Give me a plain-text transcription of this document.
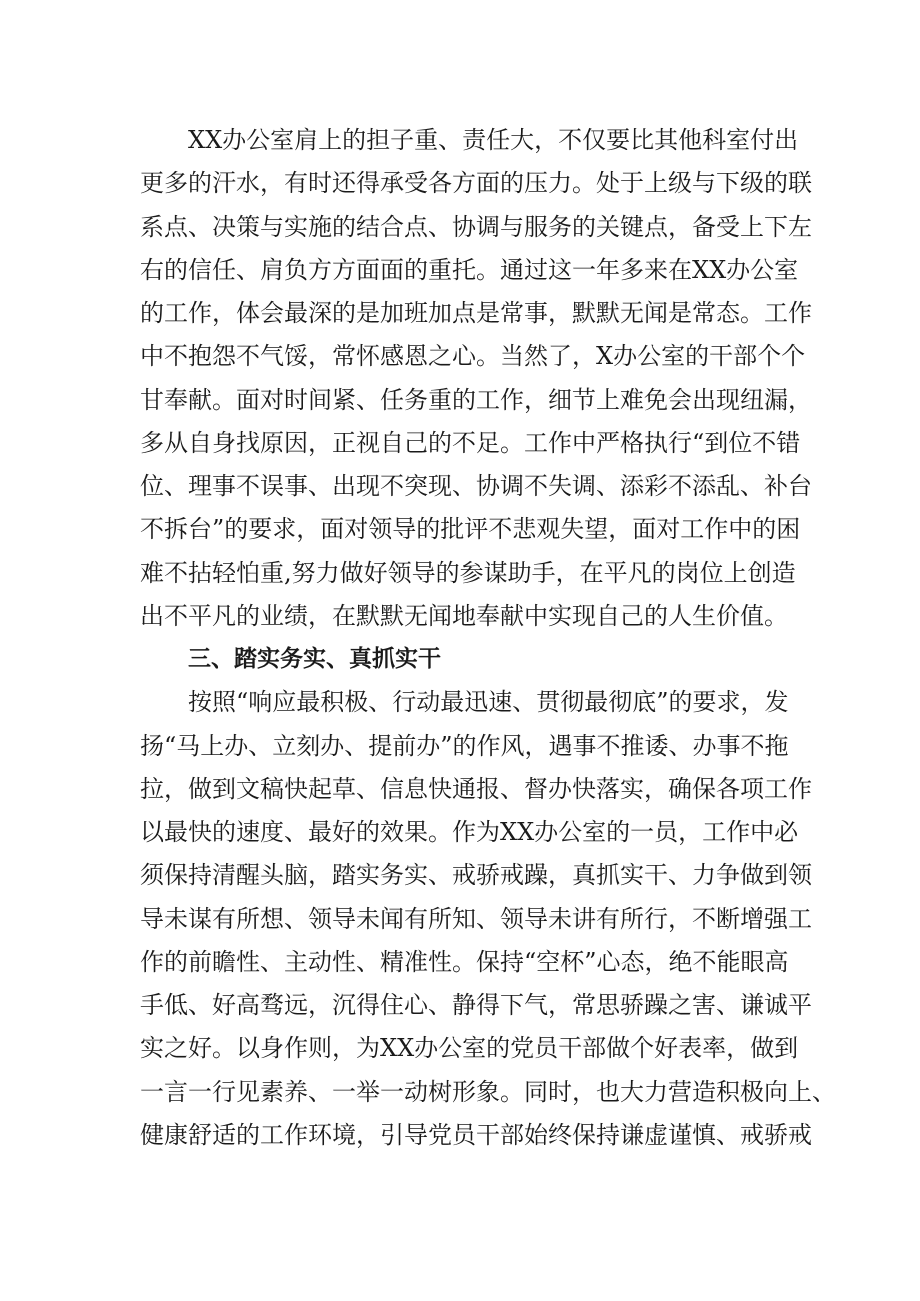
XX办公室肩上的担子重、责任大，不仅要比其他科室付出
更多的汗水，有时还得承受各方面的压力。处于上级与下级的联
系点、决策与实施的结合点、协调与服务的关键点，备受上下左
右的信任、肩负方方面面的重托。通过这一年多来在XX办公室
的工作，体会最深的是加班加点是常事，默默无闻是常态。工作
中不抱怨不气馁，常怀感恩之心。当然了，X办公室的干部个个
甘奉献。面对时间紧、任务重的工作，细节上难免会出现纽漏，
多从自身找原因，正视自己的不足。工作中严格执行“到位不错
位、理事不误事、出现不突现、协调不失调、添彩不添乱、补台
不拆台”的要求，面对领导的批评不悲观失望，面对工作中的困
难不拈轻怕重,努力做好领导的参谋助手，在平凡的岗位上创造
出不平凡的业绩，在默默无闻地奉献中实现自己的人生价值。
三、踏实务实、真抓实干
按照“响应最积极、行动最迅速、贯彻最彻底”的要求，发
扬“马上办、立刻办、提前办”的作风，遇事不推诿、办事不拖
拉，做到文稿快起草、信息快通报、督办快落实，确保各项工作
以最快的速度、最好的效果。作为XX办公室的一员，工作中必
须保持清醒头脑，踏实务实、戒骄戒躁，真抓实干、力争做到领
导未谋有所想、领导未闻有所知、领导未讲有所行，不断增强工
作的前瞻性、主动性、精准性。保持“空杯”心态，绝不能眼高
手低、好高骛远，沉得住心、静得下气，常思骄躁之害、谦诚平
实之好。以身作则，为XX办公室的党员干部做个好表率，做到
一言一行见素养、一举一动树形象。同时，也大力营造积极向上、
健康舒适的工作环境，引导党员干部始终保持谦虚谨慎、戒骄戒
